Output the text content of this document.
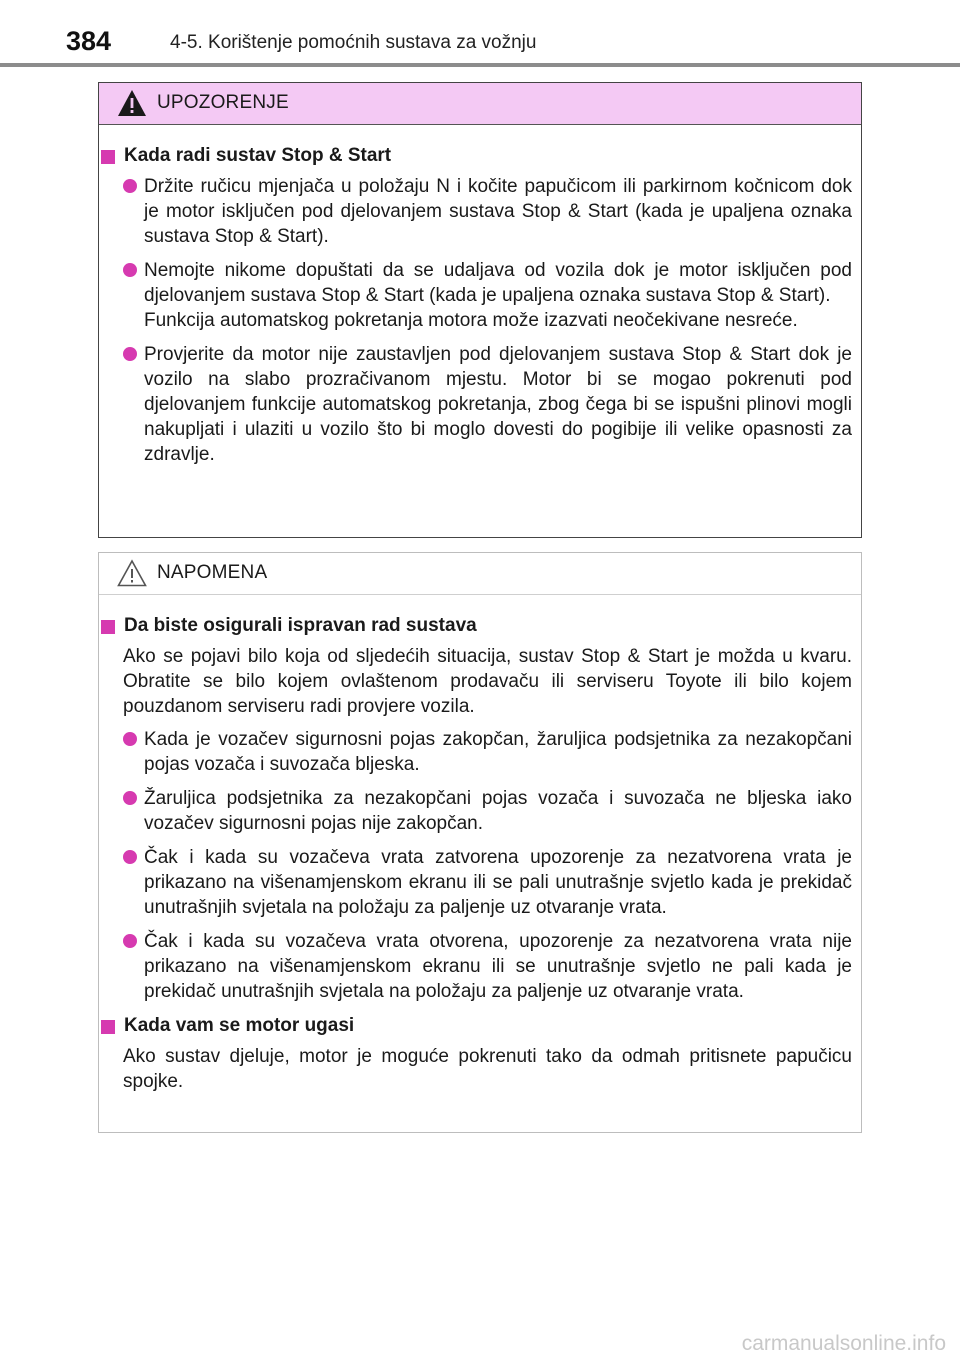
384	4-5. Korištenje pomoćnih sustava za vožnju
UPOZORENJE
Kada radi sustav Stop & Start
Držite ručicu mjenjača u položaju N i kočite papučicom ili parkirnom kočnicom dok je motor isključen pod djelovanjem sustava Stop & Start (kada je upaljena oznaka sustava Stop & Start).
Nemojte nikome dopuštati da se udaljava od vozila dok je motor isključen pod djelovanjem sustava Stop & Start (kada je upaljena oznaka sustava Stop & Start).
Funkcija automatskog pokretanja motora može izazvati neočekivane nesreće.
Provjerite da motor nije zaustavljen pod djelovanjem sustava Stop & Start dok je vozilo na slabo prozračivanom mjestu. Motor bi se mogao pokrenuti pod djelovanjem funkcije automatskog pokretanja, zbog čega bi se ispušni plinovi mogli nakupljati i ulaziti u vozilo što bi moglo dovesti do pogibije ili velike opasnosti za zdravlje.
NAPOMENA
Da biste osigurali ispravan rad sustava
Ako se pojavi bilo koja od sljedećih situacija, sustav Stop & Start je možda u kvaru. Obratite se bilo kojem ovlaštenom prodavaču ili serviseru Toyote ili bilo kojem pouzdanom serviseru radi provjere vozila.
Kada je vozačev sigurnosni pojas zakopčan, žaruljica podsjetnika za nezakopčani pojas vozača i suvozača bljeska.
Žaruljica podsjetnika za nezakopčani pojas vozača i suvozača ne bljeska iako vozačev sigurnosni pojas nije zakopčan.
Čak i kada su vozačeva vrata zatvorena upozorenje za nezatvorena vrata je prikazano na višenamjenskom ekranu ili se pali unutrašnje svjetlo kada je prekidač unutrašnjih svjetala na položaju za paljenje uz otvaranje vrata.
Čak i kada su vozačeva vrata otvorena, upozorenje za nezatvorena vrata nije prikazano na višenamjenskom ekranu ili se unutrašnje svjetlo ne pali kada je prekidač unutrašnjih svjetala na položaju za paljenje uz otvaranje vrata.
Kada vam se motor ugasi
Ako sustav djeluje, motor je moguće pokrenuti tako da odmah pritisnete papučicu spojke.
carmanualsonline.info
